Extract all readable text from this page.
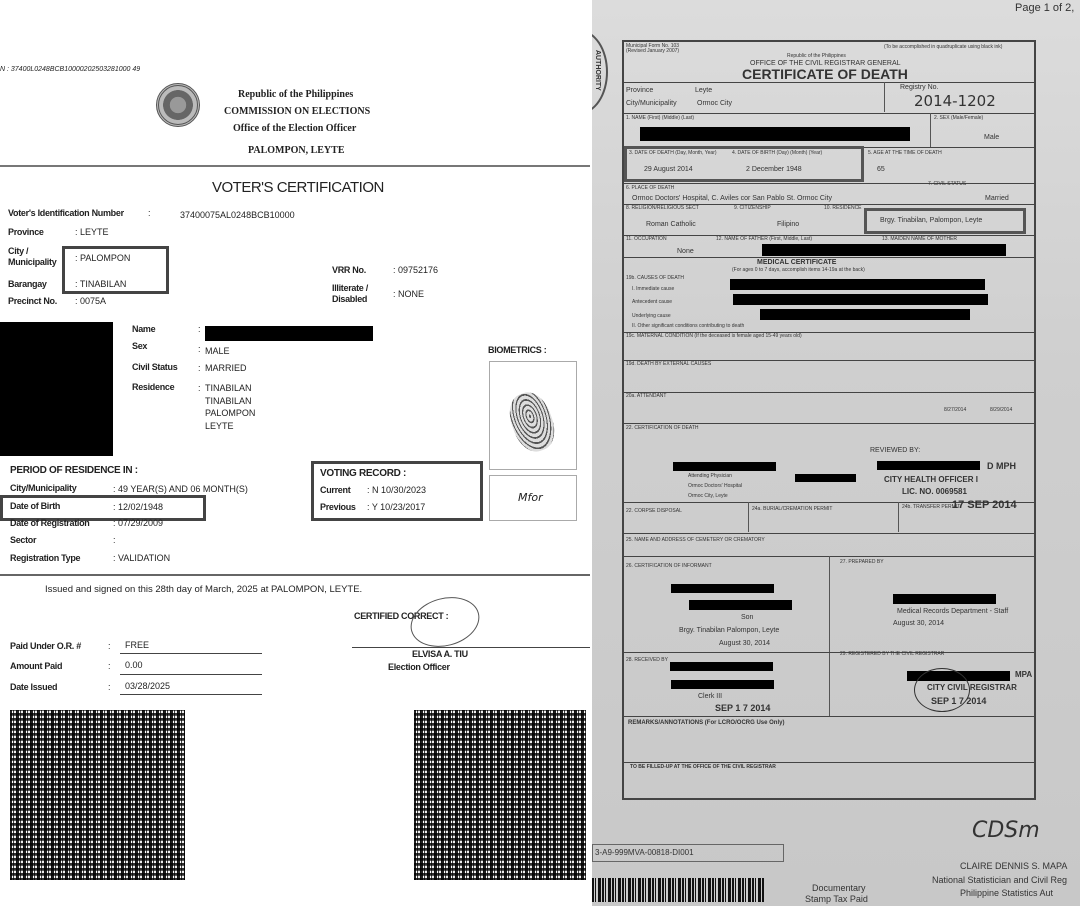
N : 37400L0248BCB10000202503281000 49
Republic of the Philippines
COMMISSION ON ELECTIONS
Office of the Election Officer
PALOMPON, LEYTE
VOTER'S CERTIFICATION
Voter's Identification Number	:	37400075AL0248BCB10000
Province	: LEYTE
City / Municipality : PALOMPON
Barangay	: TINABILAN
Precinct No. : 0075A
VRR No.	: 09752176
Illiterate / Disabled	: NONE
Name	:
Sex	: MALE
Civil Status : MARRIED
Residence	: TINABILAN
TINABILAN
PALOMPON
LEYTE
BIOMETRICS :
Mfor
PERIOD OF RESIDENCE IN :
City/Municipality	: 49 YEAR(S) AND 06 MONTH(S)
Date of Birth	: 12/02/1948
Date of Registration	: 07/29/2009
Sector	:
Registration Type	: VALIDATION
VOTING RECORD :
Current : N 10/30/2023
Previous : Y 10/23/2017
Issued and signed on this 28th day of March, 2025 at PALOMPON, LEYTE.
CERTIFIED CORRECT :
ELVISA A. TIU
Election Officer
Paid Under O.R. #	: FREE
Amount Paid	: 0.00
Date Issued	: 03/28/2025
Page 1 of 2,
AUTHORITY
Municipal Form No. 103 (Revised January 2007)
(To be accomplished in quadruplicate using black ink)
Republic of the Philippines
OFFICE OF THE CIVIL REGISTRAR GENERAL
CERTIFICATE OF DEATH
Province	Leyte
City/Municipality	Ormoc City
Registry No.
2014-1202
1. NAME (First) (Middle) (Last)	2. SEX (Male/Female)
Male
3. DATE OF DEATH (Day, Month, Year)
29 August 2014
4. DATE OF BIRTH (Day) (Month) (Year)
2 December 1948
5. AGE AT THE TIME OF DEATH
65
6. PLACE OF DEATH
Ormoc Doctors' Hospital, C. Aviles cor San Pablo St. Ormoc City
7. CIVIL STATUS
Married
8. RELIGION/RELIGIOUS SECT
Roman Catholic
9. CITIZENSHIP
Filipino
10. RESIDENCE
Brgy. Tinabilan, Palompon, Leyte
11. OCCUPATION
None
12. NAME OF FATHER (First, Middle, Last)	13. MAIDEN NAME OF MOTHER
MEDICAL CERTIFICATE
(For ages 0 to 7 days, accomplish items 14-19a at the back)
19b. CAUSES OF DEATH
I. Immediate cause
Antecedent cause
Underlying cause
II. Other significant conditions contributing to death
19c. MATERNAL CONDITION (If the deceased is female aged 15-49 years old)
19d. DEATH BY EXTERNAL CAUSES
20a. ATTENDANT
8/27/2014	8/29/2014
22. CERTIFICATION OF DEATH
REVIEWED BY:
D MPH
Attending Physician
Ormoc Doctors' Hospital
Ormoc City, Leyte
CITY HEALTH OFFICER I
LIC. NO. 0069581
22. CORPSE DISPOSAL	24a. BURIAL/CREMATION PERMIT	24b. TRANSFER PERMIT
17 SEP 2014
25. NAME AND ADDRESS OF CEMETERY OR CREMATORY
26. CERTIFICATION OF INFORMANT
Son
Brgy. Tinabilan Palompon, Leyte
August 30, 2014
27. PREPARED BY
Medical Records Department - Staff
August 30, 2014
28. RECEIVED BY
Clerk III
SEP 1 7 2014
29. REGISTERED BY THE CIVIL REGISTRAR
MPA
CITY CIVIL REGISTRAR
SEP 1 7 2014
REMARKS/ANNOTATIONS (For LCRO/OCRG Use Only)
TO BE FILLED-UP AT THE OFFICE OF THE CIVIL REGISTRAR
3-A9-999MVA-00818-DI001
Documentary
Stamp Tax Paid
CDSm
CLAIRE DENNIS S. MAPA
National Statistician and Civil Reg
Philippine Statistics Aut
